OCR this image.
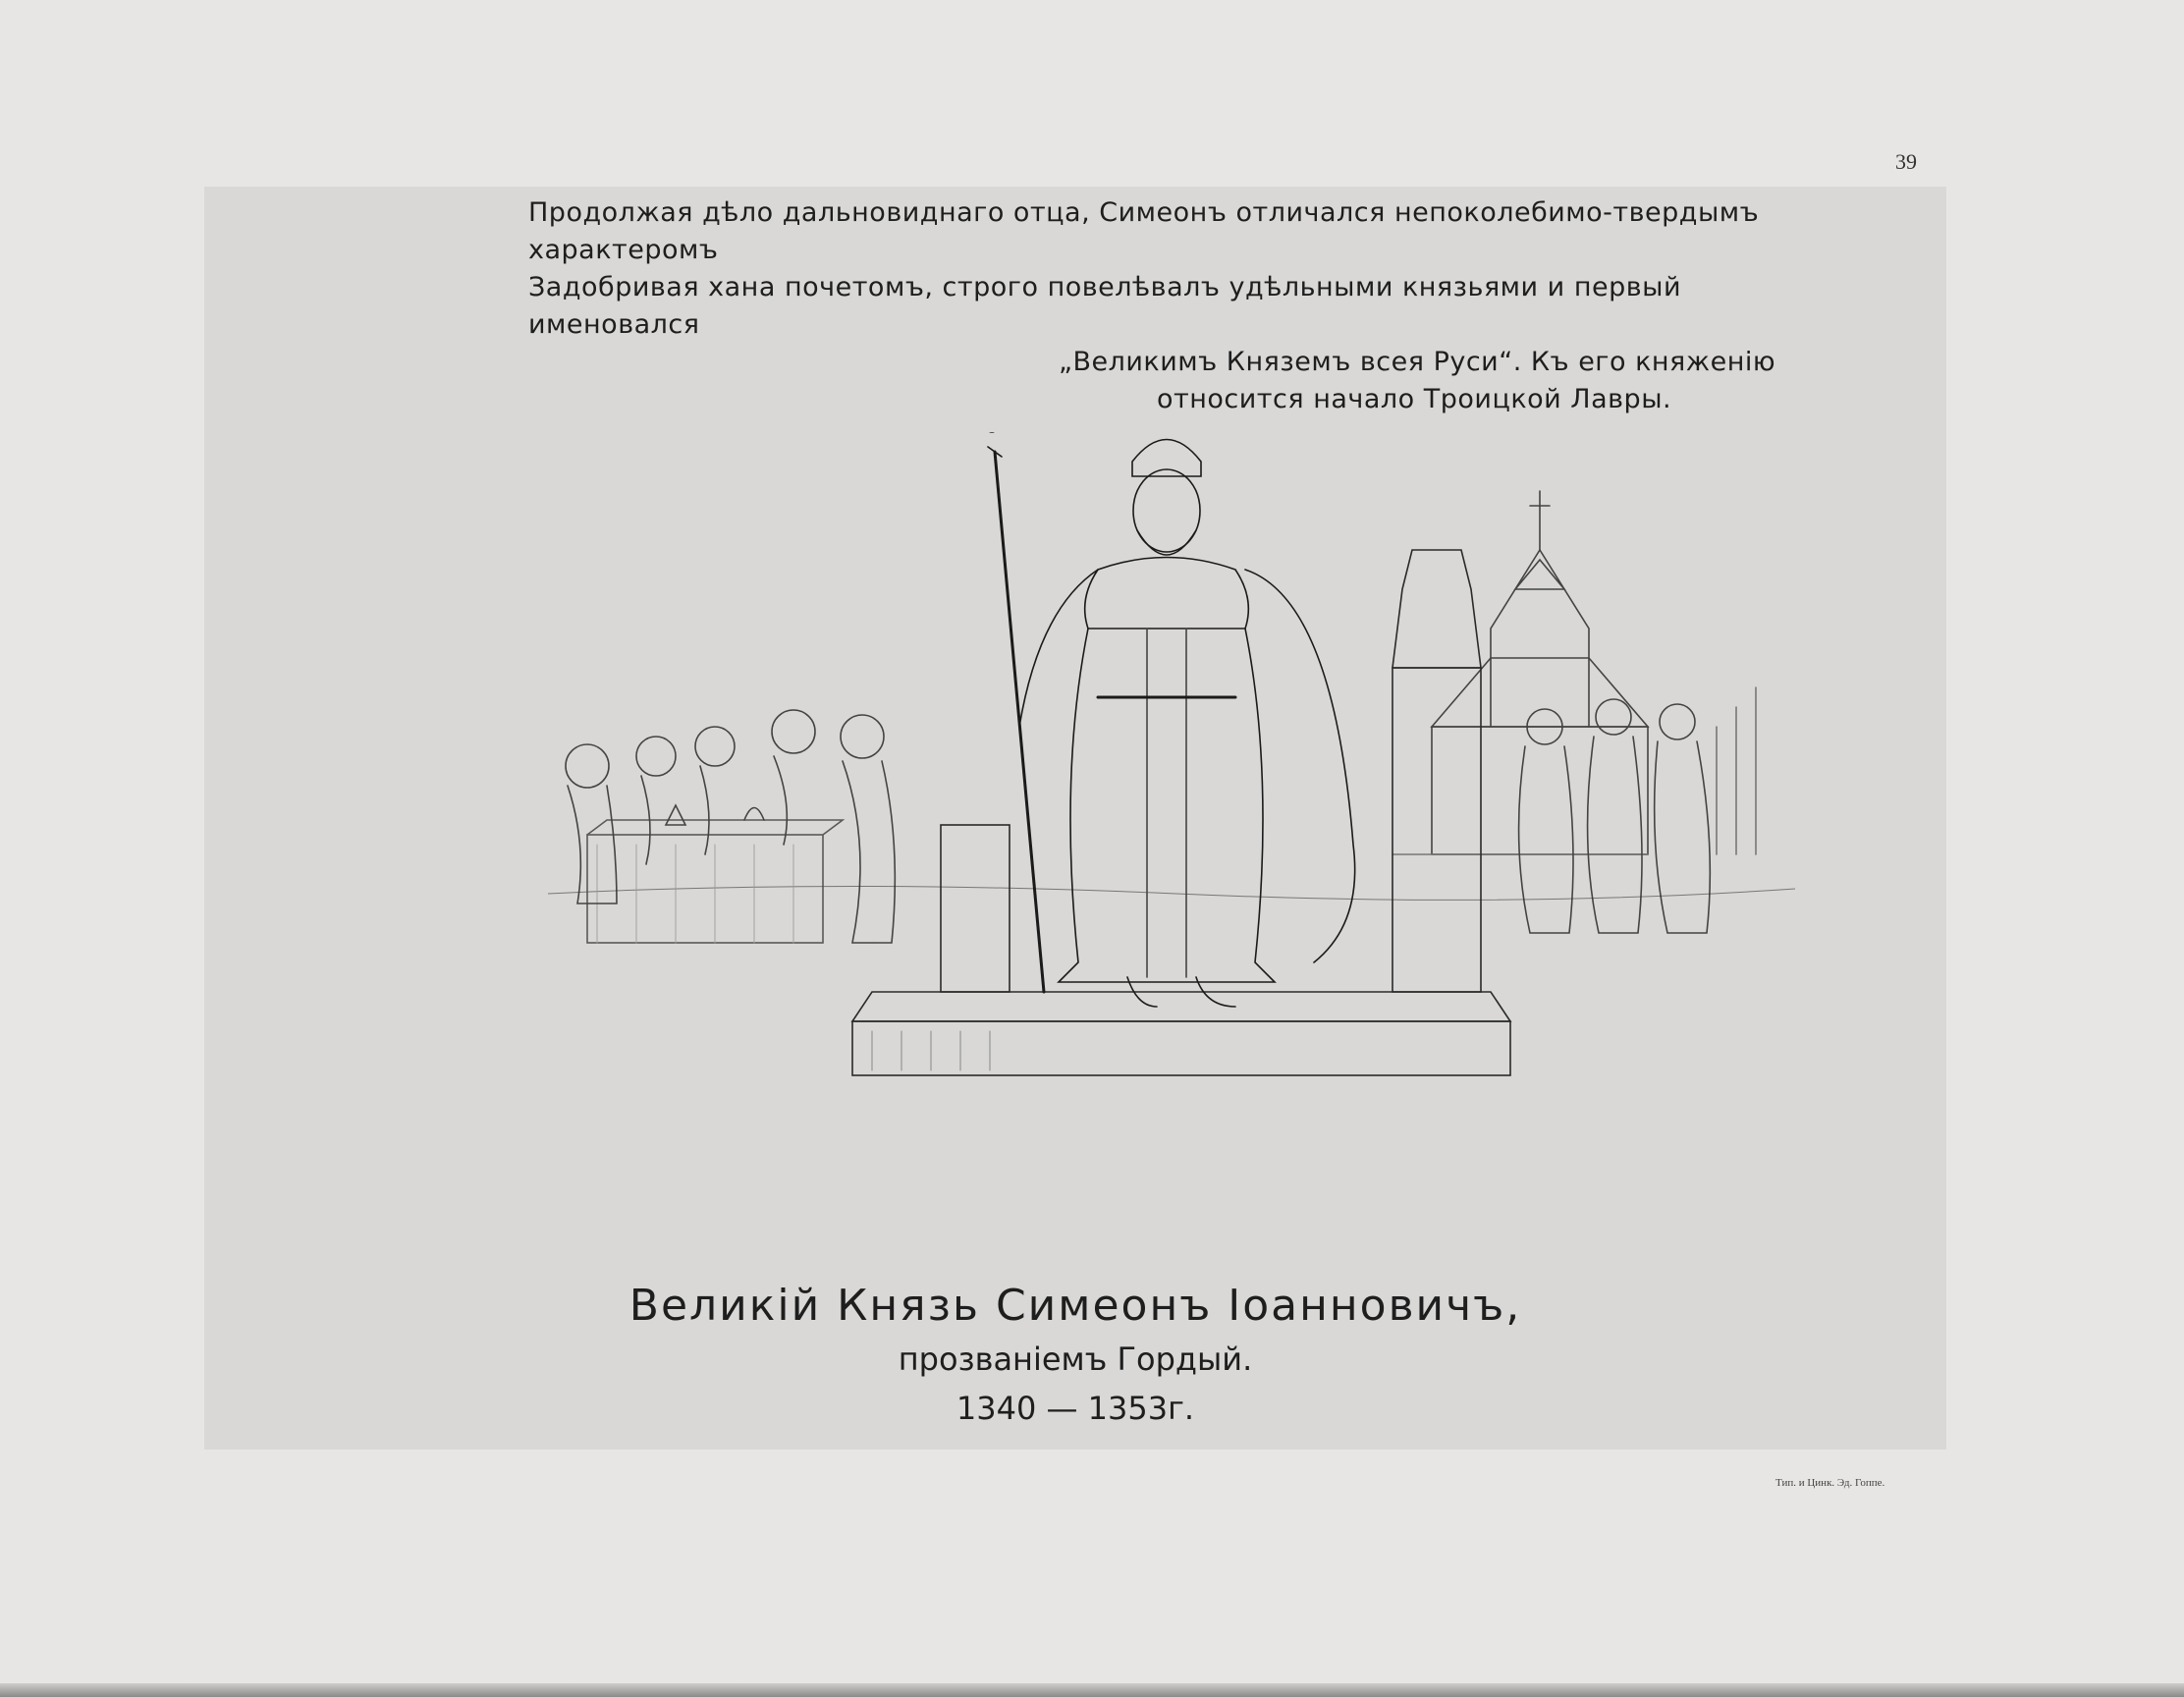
39
Продолжая дѣло дальновиднаго отца, Симеонъ отличался непоколебимо-твердымъ характеромъ
Задобривая хана почетомъ, строго повелѣвалъ удѣльными князьями и первый именовался
„Великимъ Княземъ всея Руси“. Къ его княженію
относится начало Троицкой Лавры.
Великій Князь Симеонъ Іоанновичъ,
прозваніемъ Гордый.
1340 — 1353г.
Тип. и Цинк. Эд. Гоппе.
